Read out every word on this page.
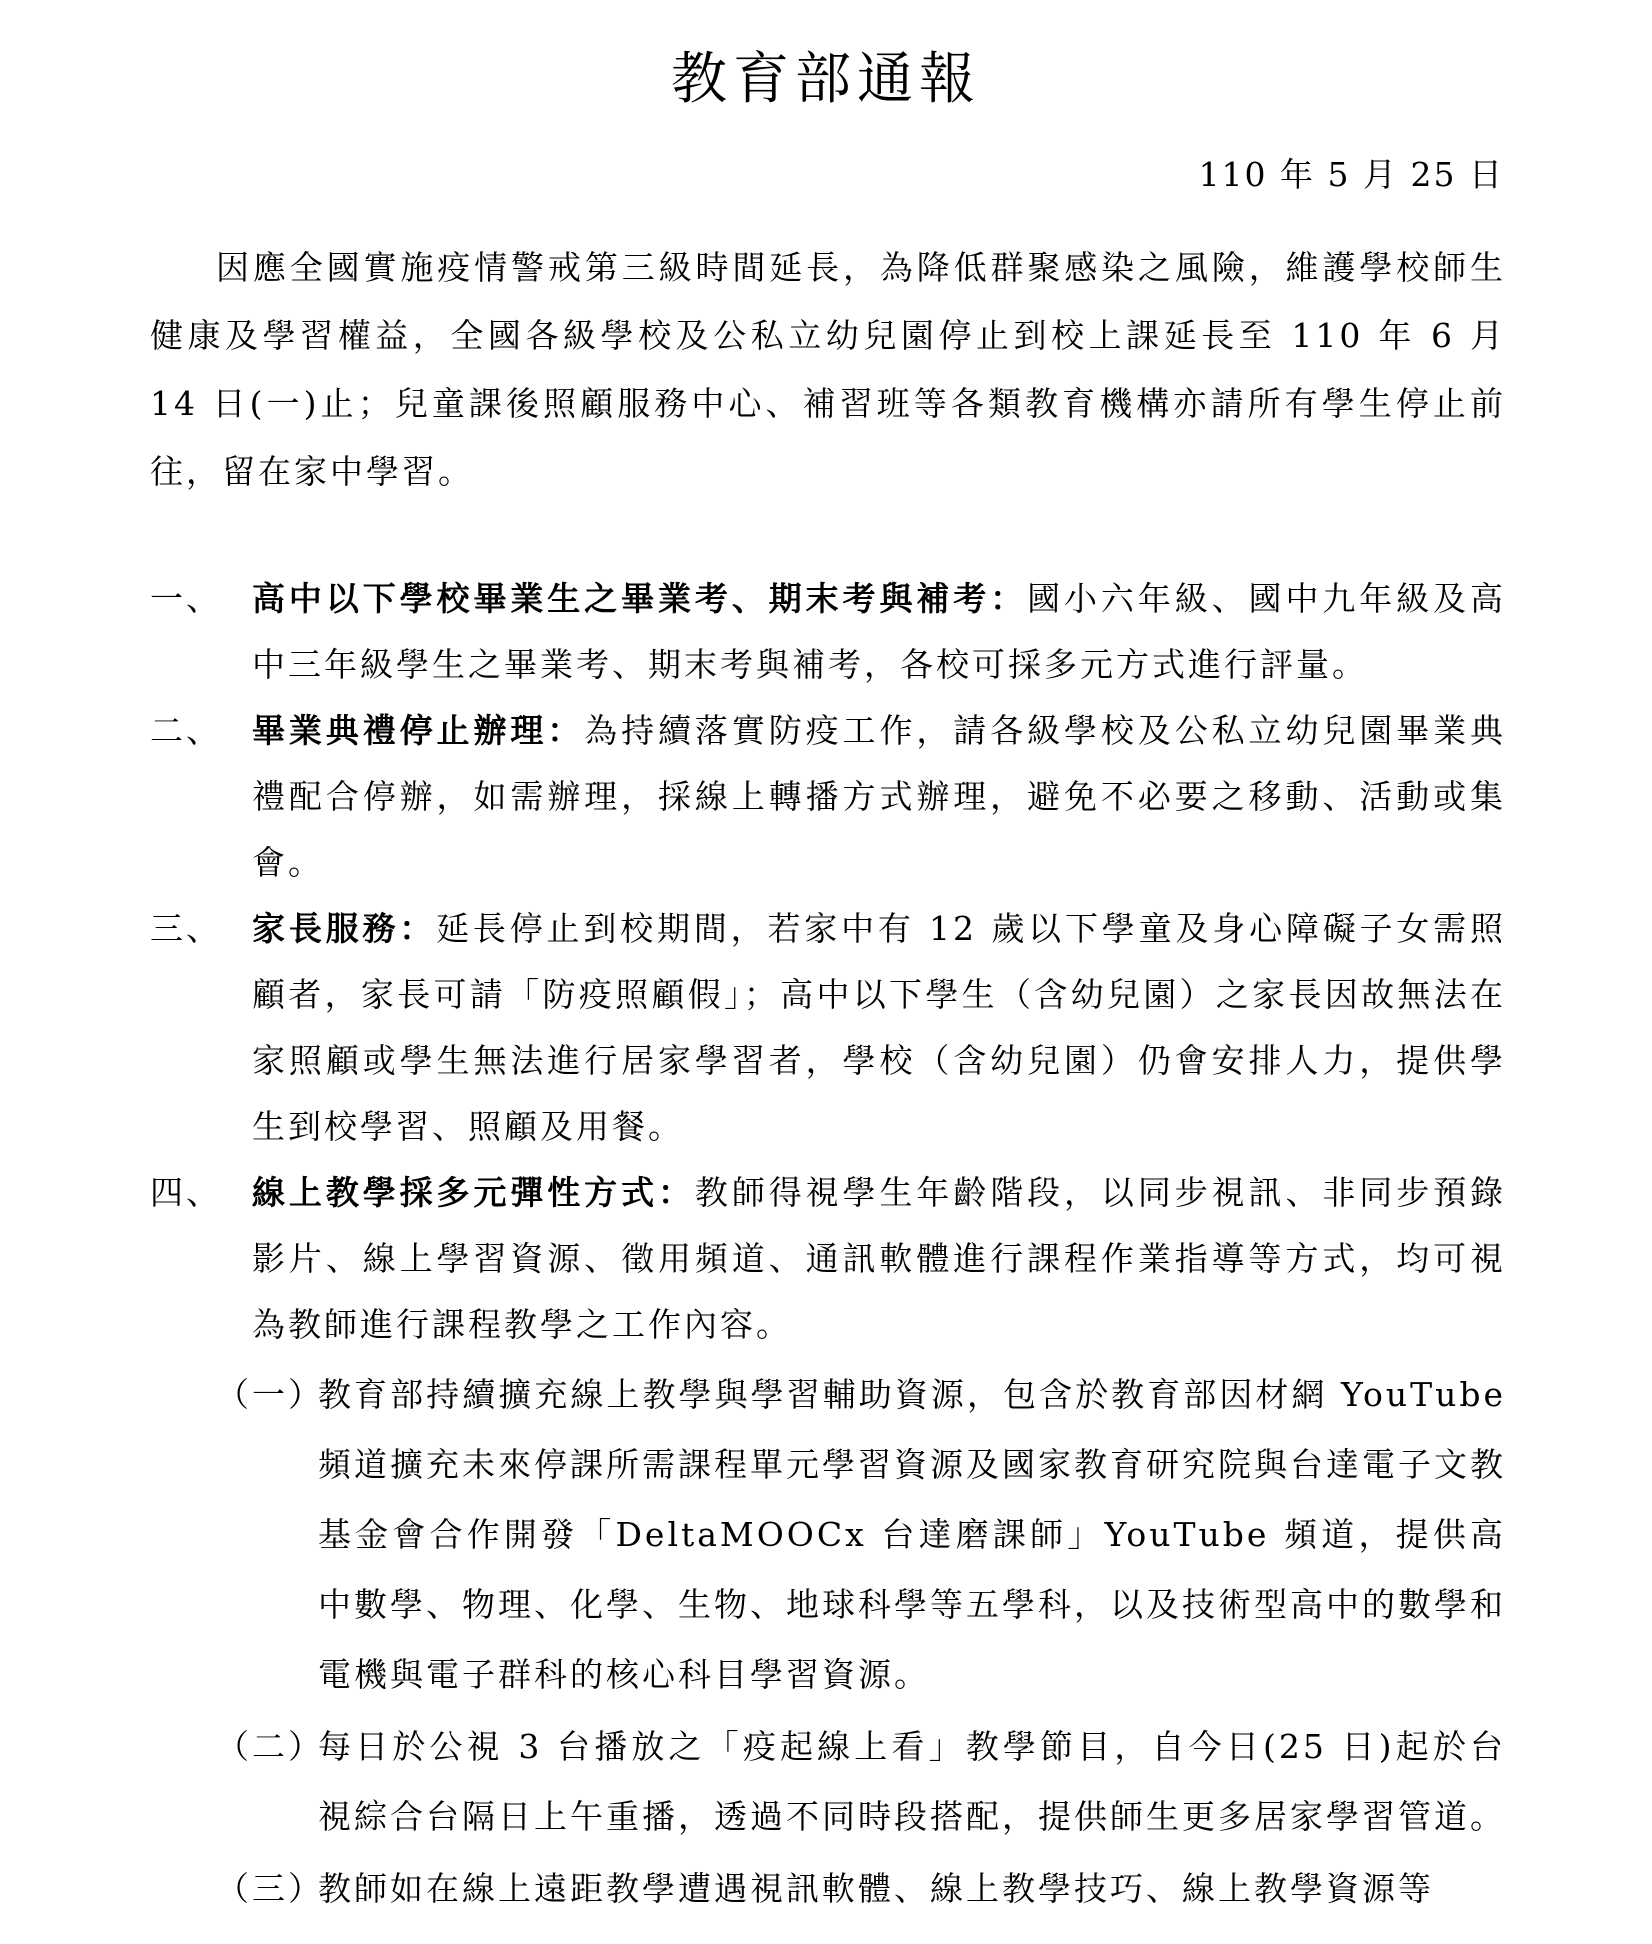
教育部通報
110 年 5 月 25 日
因應全國實施疫情警戒第三級時間延長，為降低群聚感染之風險，維護學校師生健康及學習權益，全國各級學校及公私立幼兒園停止到校上課延長至 110 年 6 月 14 日(一)止；兒童課後照顧服務中心、補習班等各類教育機構亦請所有學生停止前往，留在家中學習。
一、 高中以下學校畢業生之畢業考、期末考與補考：國小六年級、國中九年級及高中三年級學生之畢業考、期末考與補考，各校可採多元方式進行評量。
二、 畢業典禮停止辦理：為持續落實防疫工作，請各級學校及公私立幼兒園畢業典禮配合停辦，如需辦理，採線上轉播方式辦理，避免不必要之移動、活動或集會。
三、 家長服務：延長停止到校期間，若家中有 12 歲以下學童及身心障礙子女需照顧者，家長可請「防疫照顧假」；高中以下學生（含幼兒園）之家長因故無法在家照顧或學生無法進行居家學習者，學校（含幼兒園）仍會安排人力，提供學生到校學習、照顧及用餐。
四、 線上教學採多元彈性方式：教師得視學生年齡階段，以同步視訊、非同步預錄影片、線上學習資源、徵用頻道、通訊軟體進行課程作業指導等方式，均可視為教師進行課程教學之工作內容。
（一）
教育部持續擴充線上教學與學習輔助資源，包含於教育部因材網 YouTube 頻道擴充未來停課所需課程單元學習資源及國家教育研究院與台達電子文教基金會合作開發「DeltaMOOCx 台達磨課師」YouTube 頻道，提供高中數學、物理、化學、生物、地球科學等五學科，以及技術型高中的數學和電機與電子群科的核心科目學習資源。
（二）
每日於公視 3 台播放之「疫起線上看」教學節目，自今日(25 日)起於台視綜合台隔日上午重播，透過不同時段搭配，提供師生更多居家學習管道。
（三）
教師如在線上遠距教學遭遇視訊軟體、線上教學技巧、線上教學資源等
